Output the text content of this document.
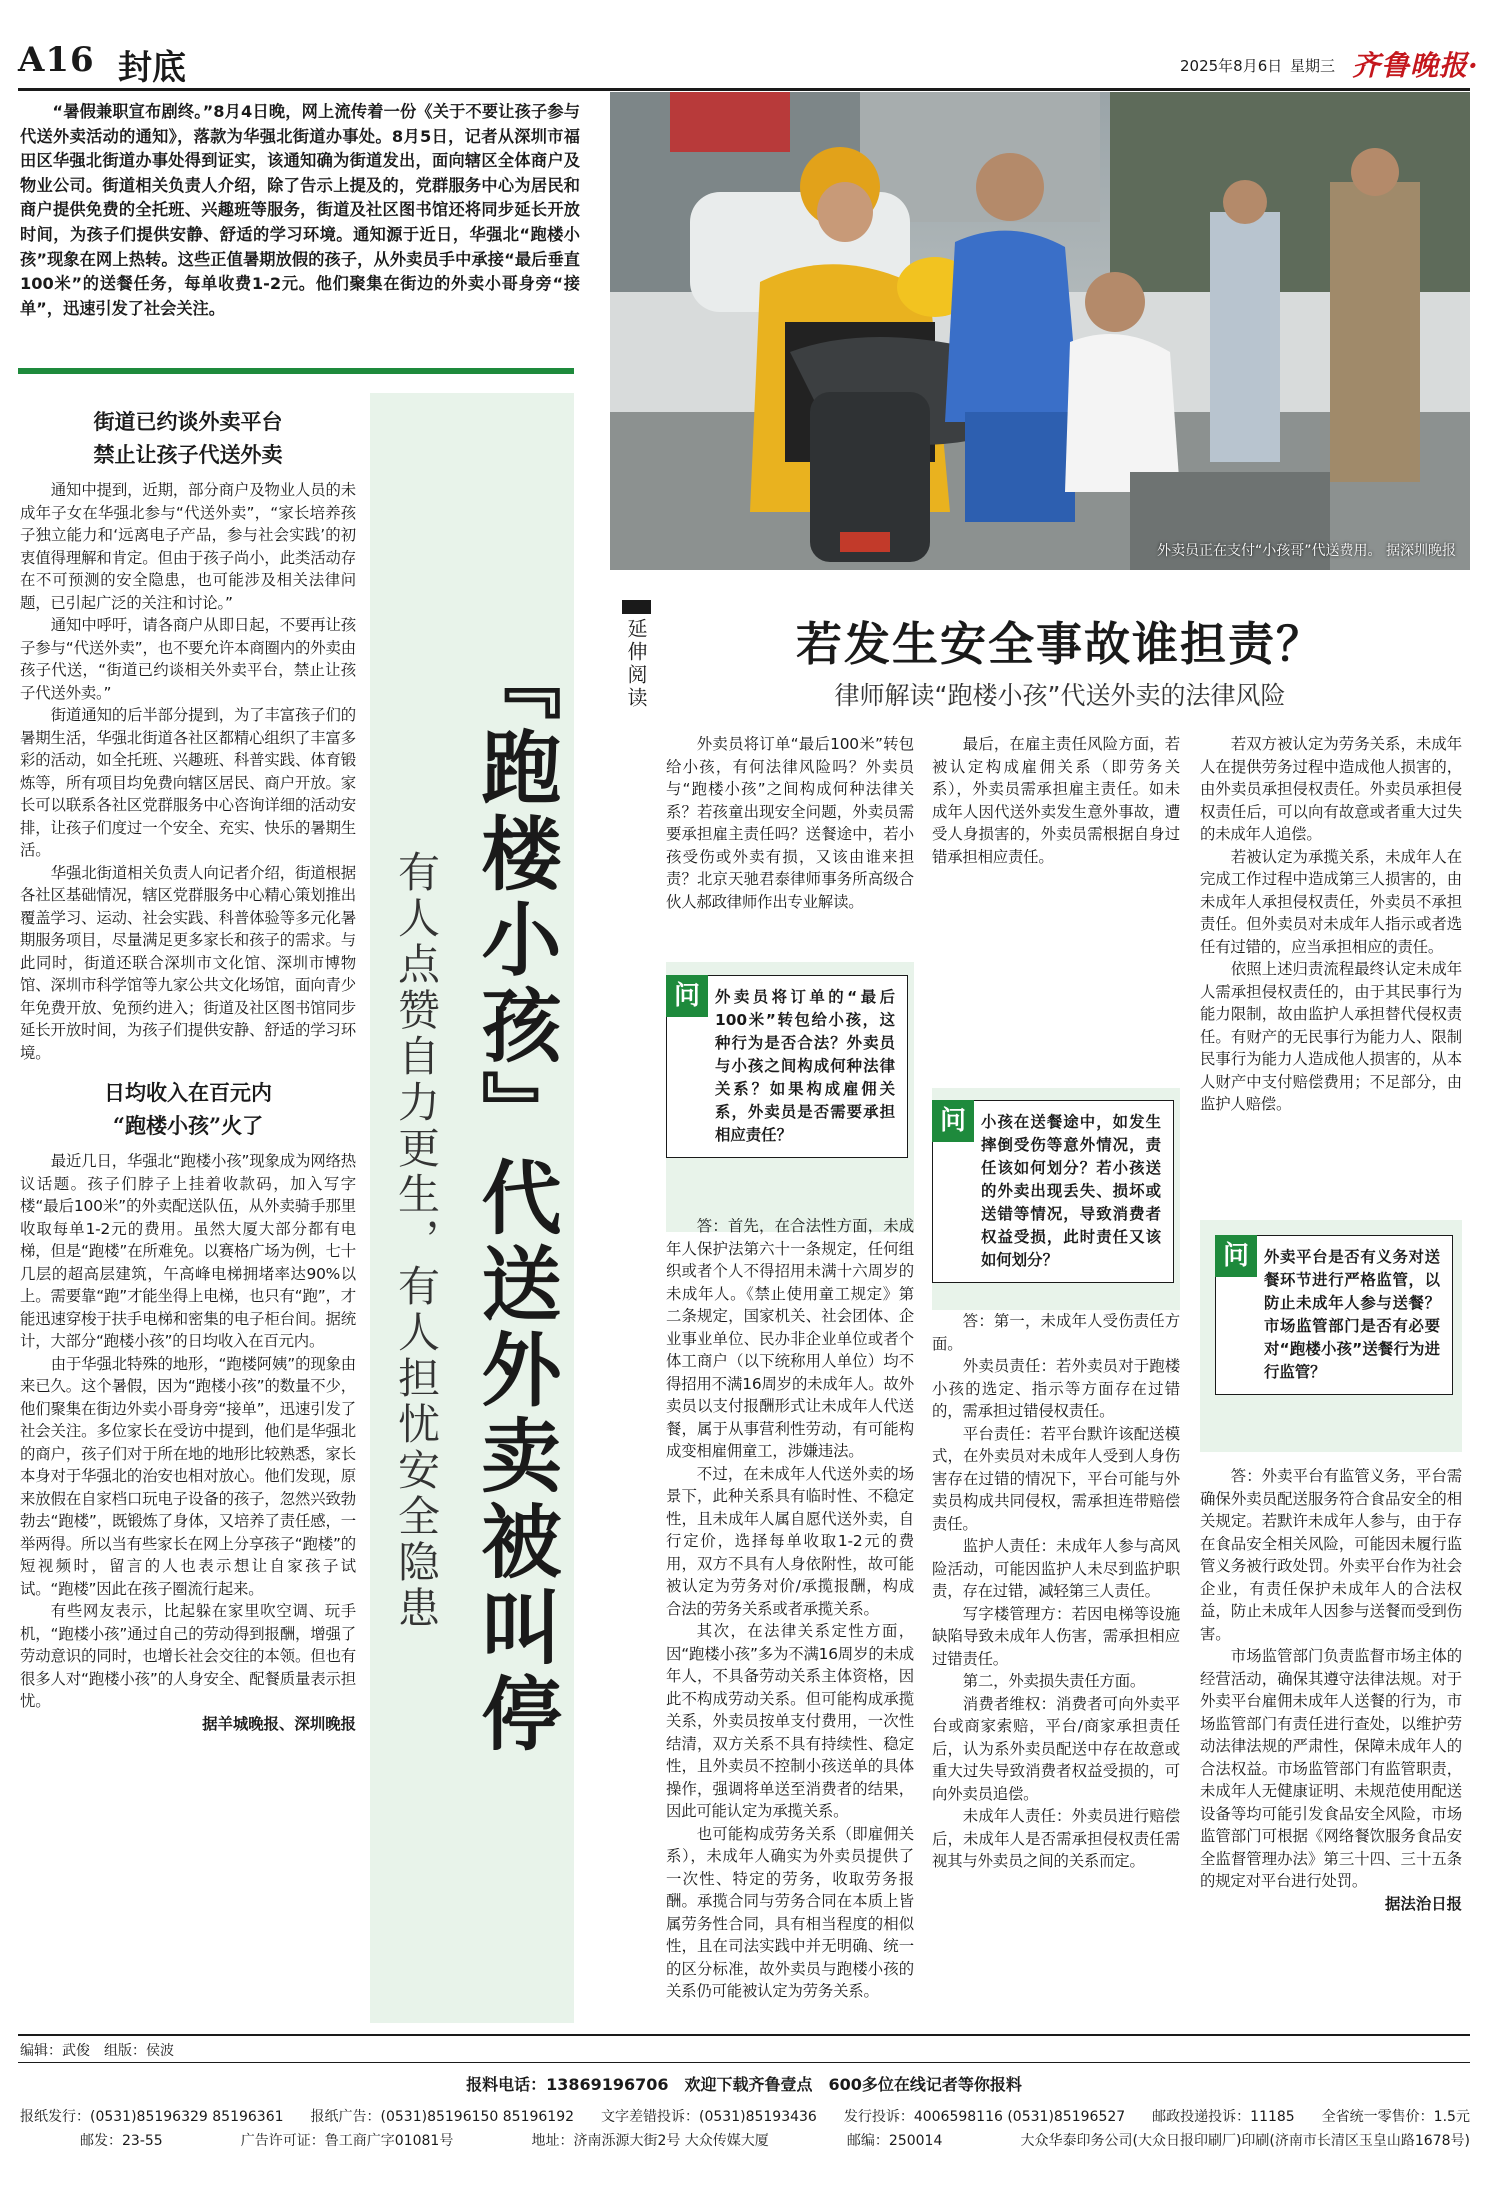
A16 封底	2025年8月6日 星期三 齐鲁晚报·

“暑假兼职宣布剧终。”8月4日晚，网上流传着一份《关于不要让孩子参与代送外卖活动的通知》，落款为华强北街道办事处。8月5日，记者从深圳市福田区华强北街道办事处得到证实，该通知确为街道发出，面向辖区全体商户及物业公司。街道相关负责人介绍，除了告示上提及的，党群服务中心为居民和商户提供免费的全托班、兴趣班等服务，街道及社区图书馆还将同步延长开放时间，为孩子们提供安静、舒适的学习环境。通知源于近日，华强北“跑楼小孩”现象在网上热转。这些正值暑期放假的孩子，从外卖员手中承接“最后垂直100米”的送餐任务，每单收费1-2元。他们聚集在街边的外卖小哥身旁“接单”，迅速引发了社会关注。

街道已约谈外卖平台
禁止让孩子代送外卖

通知中提到，近期，部分商户及物业人员的未成年子女在华强北参与“代送外卖”，“家长培养孩子独立能力和‘远离电子产品，参与社会实践’的初衷值得理解和肯定。但由于孩子尚小，此类活动存在不可预测的安全隐患，也可能涉及相关法律问题，已引起广泛的关注和讨论。”

通知中呼吁，请各商户从即日起，不要再让孩子参与“代送外卖”，也不要允许本商圈内的外卖由孩子代送，“街道已约谈相关外卖平台，禁止让孩子代送外卖。”

街道通知的后半部分提到，为了丰富孩子们的暑期生活，华强北街道各社区都精心组织了丰富多彩的活动，如全托班、兴趣班、科普实践、体育锻炼等，所有项目均免费向辖区居民、商户开放。家长可以联系各社区党群服务中心咨询详细的活动安排，让孩子们度过一个安全、充实、快乐的暑期生活。

华强北街道相关负责人向记者介绍，街道根据各社区基础情况，辖区党群服务中心精心策划推出覆盖学习、运动、社会实践、科普体验等多元化暑期服务项目，尽量满足更多家长和孩子的需求。与此同时，街道还联合深圳市文化馆、深圳市博物馆、深圳市科学馆等九家公共文化场馆，面向青少年免费开放、免预约进入；街道及社区图书馆同步延长开放时间，为孩子们提供安静、舒适的学习环境。

日均收入在百元内
“跑楼小孩”火了

最近几日，华强北“跑楼小孩”现象成为网络热议话题。孩子们脖子上挂着收款码，加入写字楼“最后100米”的外卖配送队伍，从外卖骑手那里收取每单1-2元的费用。虽然大厦大部分都有电梯，但是“跑楼”在所难免。以赛格广场为例，七十几层的超高层建筑，午高峰电梯拥堵率达90%以上。需要靠“跑”才能坐得上电梯，也只有“跑”，才能迅速穿梭于扶手电梯和密集的电子柜台间。据统计，大部分“跑楼小孩”的日均收入在百元内。

由于华强北特殊的地形，“跑楼阿姨”的现象由来已久。这个暑假，因为“跑楼小孩”的数量不少，他们聚集在街边外卖小哥身旁“接单”，迅速引发了社会关注。多位家长在受访中提到，他们是华强北的商户，孩子们对于所在地的地形比较熟悉，家长本身对于华强北的治安也相对放心。他们发现，原来放假在自家档口玩电子设备的孩子，忽然兴致勃勃去“跑楼”，既锻炼了身体，又培养了责任感，一举两得。所以当有些家长在网上分享孩子“跑楼”的短视频时，留言的人也表示想让自家孩子试试。“跑楼”因此在孩子圈流行起来。

有些网友表示，比起躲在家里吹空调、玩手机，“跑楼小孩”通过自己的劳动得到报酬，增强了劳动意识的同时，也增长社会交往的本领。但也有很多人对“跑楼小孩”的人身安全、配餐质量表示担忧。

据羊城晚报、深圳晚报 『跑楼小孩』代送外卖被叫停
有人点赞自力更生，有人担忧安全隐患
外卖员正在支付“小孩哥”代送费用。 据深圳晚报
延伸阅读	若发生安全事故谁担责？
律师解读“跑楼小孩”代送外卖的法律风险

外卖员将订单“最后100米”转包给小孩，有何法律风险吗？外卖员与“跑楼小孩”之间构成何种法律关系？若孩童出现安全问题，外卖员需要承担雇主责任吗？送餐途中，若小孩受伤或外卖有损，又该由谁来担责？北京天驰君泰律师事务所高级合伙人郝政律师作出专业解读。

问 外卖员将订单的“最后100米”转包给小孩，这种行为是否合法？外卖员与小孩之间构成何种法律关系？如果构成雇佣关系，外卖员是否需要承担相应责任？

答：首先，在合法性方面，未成年人保护法第六十一条规定，任何组织或者个人不得招用未满十六周岁的未成年人。《禁止使用童工规定》第二条规定，国家机关、社会团体、企业事业单位、民办非企业单位或者个体工商户（以下统称用人单位）均不得招用不满16周岁的未成年人。故外卖员以支付报酬形式让未成年人代送餐，属于从事营利性劳动，有可能构成变相雇佣童工，涉嫌违法。

不过，在未成年人代送外卖的场景下，此种关系具有临时性、不稳定性，且未成年人属自愿代送外卖，自行定价，选择每单收取1-2元的费用，双方不具有人身依附性，故可能被认定为劳务对价/承揽报酬，构成合法的劳务关系或者承揽关系。

其次，在法律关系定性方面，因“跑楼小孩”多为不满16周岁的未成年人，不具备劳动关系主体资格，因此不构成劳动关系。但可能构成承揽关系，外卖员按单支付费用，一次性结清，双方关系不具有持续性、稳定性，且外卖员不控制小孩送单的具体操作，强调将单送至消费者的结果，因此可能认定为承揽关系。

也可能构成劳务关系（即雇佣关系），未成年人确实为外卖员提供了一次性、特定的劳务，收取劳务报酬。承揽合同与劳务合同在本质上皆属劳务性合同，具有相当程度的相似性，且在司法实践中并无明确、统一的区分标准，故外卖员与跑楼小孩的关系仍可能被认定为劳务关系。

最后，在雇主责任风险方面，若被认定构成雇佣关系（即劳务关系），外卖员需承担雇主责任。如未成年人因代送外卖发生意外事故，遭受人身损害的，外卖员需根据自身过错承担相应责任。

问 小孩在送餐途中，如发生摔倒受伤等意外情况，责任该如何划分？若小孩送的外卖出现丢失、损坏或送错等情况，导致消费者权益受损，此时责任又该如何划分？

答：第一，未成年人受伤责任方面。

外卖员责任：若外卖员对于跑楼小孩的选定、指示等方面存在过错的，需承担过错侵权责任。

平台责任：若平台默许该配送模式，在外卖员对未成年人受到人身伤害存在过错的情况下，平台可能与外卖员构成共同侵权，需承担连带赔偿责任。

监护人责任：未成年人参与高风险活动，可能因监护人未尽到监护职责，存在过错，减轻第三人责任。

写字楼管理方：若因电梯等设施缺陷导致未成年人伤害，需承担相应过错责任。

第二，外卖损失责任方面。

消费者维权：消费者可向外卖平台或商家索赔，平台/商家承担责任后，认为系外卖员配送中存在故意或重大过失导致消费者权益受损的，可向外卖员追偿。

未成年人责任：外卖员进行赔偿后，未成年人是否需承担侵权责任需视其与外卖员之间的关系而定。

若双方被认定为劳务关系，未成年人在提供劳务过程中造成他人损害的，由外卖员承担侵权责任。外卖员承担侵权责任后，可以向有故意或者重大过失的未成年人追偿。

若被认定为承揽关系，未成年人在完成工作过程中造成第三人损害的，由未成年人承担侵权责任，外卖员不承担责任。但外卖员对未成年人指示或者选任有过错的，应当承担相应的责任。

依照上述归责流程最终认定未成年人需承担侵权责任的，由于其民事行为能力限制，故由监护人承担替代侵权责任。有财产的无民事行为能力人、限制民事行为能力人造成他人损害的，从本人财产中支付赔偿费用；不足部分，由监护人赔偿。

问 外卖平台是否有义务对送餐环节进行严格监管，以防止未成年人参与送餐？市场监管部门是否有必要对“跑楼小孩”送餐行为进行监管？

答：外卖平台有监管义务，平台需确保外卖员配送服务符合食品安全的相关规定。若默许未成年人参与，由于存在食品安全相关风险，可能因未履行监管义务被行政处罚。外卖平台作为社会企业，有责任保护未成年人的合法权益，防止未成年人因参与送餐而受到伤害。

市场监管部门负责监督市场主体的经营活动，确保其遵守法律法规。对于外卖平台雇佣未成年人送餐的行为，市场监管部门有责任进行查处，以维护劳动法律法规的严肃性，保障未成年人的合法权益。市场监管部门有监管职责，未成年人无健康证明、未规范使用配送设备等均可能引发食品安全风险，市场监管部门可根据《网络餐饮服务食品安全监督管理办法》第三十四、三十五条的规定对平台进行处罚。

据法治日报

编辑：武俊　组版：侯波
报料电话：13869196706　欢迎下载齐鲁壹点　600多位在线记者等你报料
报纸发行：(0531)85196329 85196361 报纸广告：(0531)85196150 85196192 文字差错投诉：(0531)85193436 发行投诉：4006598116 (0531)85196527 邮政投递投诉：11185 全省统一零售价：1.5元
邮发：23-55	广告许可证：鲁工商广字01081号	地址：济南泺源大街2号 大众传媒大厦	邮编：250014	大众华泰印务公司(大众日报印刷厂)印刷(济南市长清区玉皇山路1678号)
